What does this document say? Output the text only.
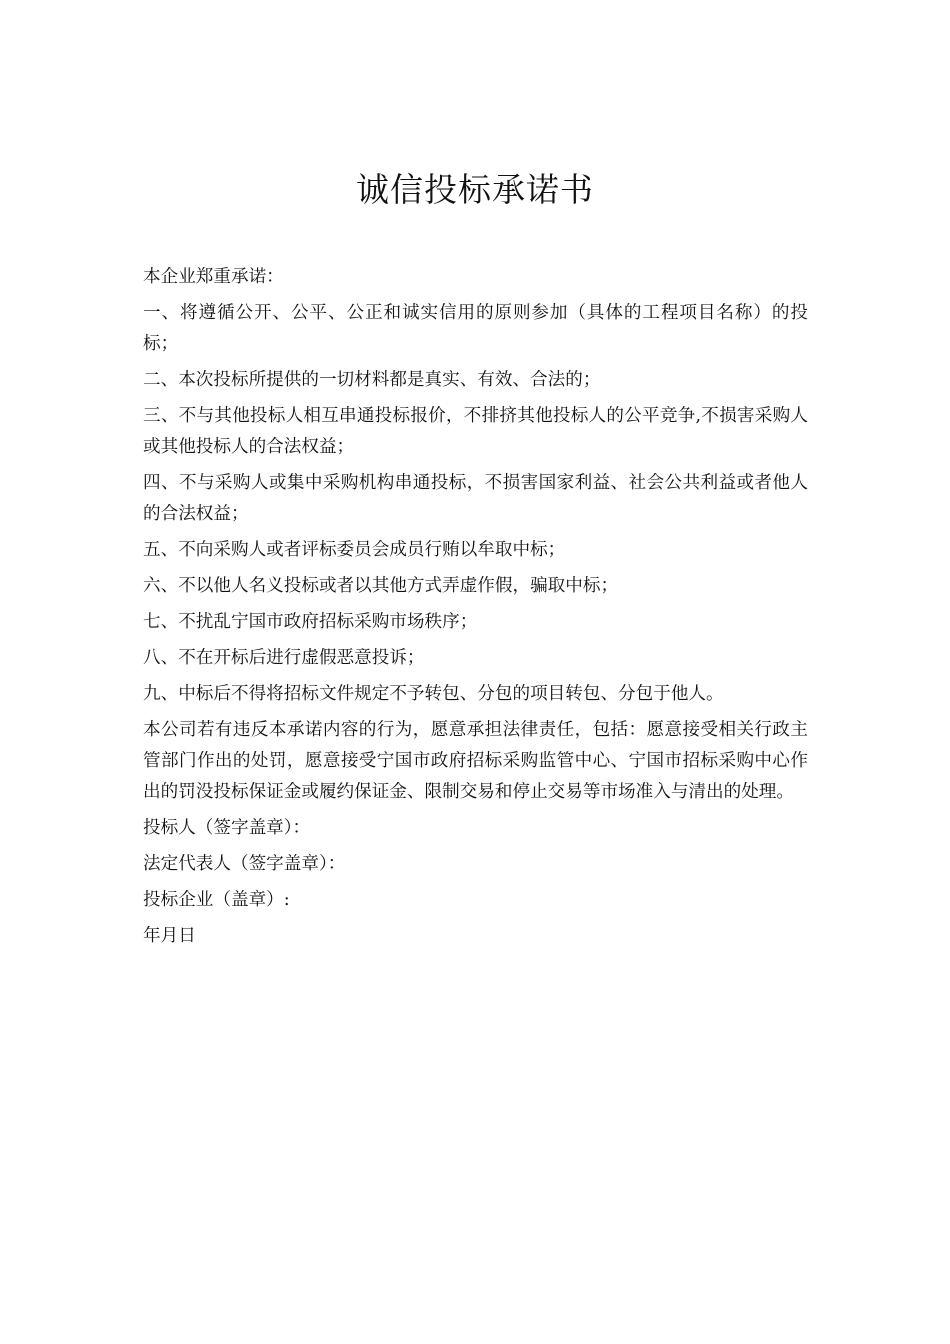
诚信投标承诺书

本企业郑重承诺：

一、将遵循公开、公平、公正和诚实信用的原则参加（具体的工程项目名称）的投标；

二、本次投标所提供的一切材料都是真实、有效、合法的；

三、不与其他投标人相互串通投标报价，不排挤其他投标人的公平竞争,不损害采购人或其他投标人的合法权益；

四、不与采购人或集中采购机构串通投标，不损害国家利益、社会公共利益或者他人的合法权益；

五、不向采购人或者评标委员会成员行贿以牟取中标；

六、不以他人名义投标或者以其他方式弄虚作假，骗取中标；

七、不扰乱宁国市政府招标采购市场秩序；

八、不在开标后进行虚假恶意投诉；

九、中标后不得将招标文件规定不予转包、分包的项目转包、分包于他人。

本公司若有违反本承诺内容的行为，愿意承担法律责任，包括：愿意接受相关行政主管部门作出的处罚，愿意接受宁国市政府招标采购监管中心、宁国市招标采购中心作出的罚没投标保证金或履约保证金、限制交易和停止交易等市场准入与清出的处理。

投标人（签字盖章）：

法定代表人（签字盖章）：

投标企业（盖章）:

年月日
